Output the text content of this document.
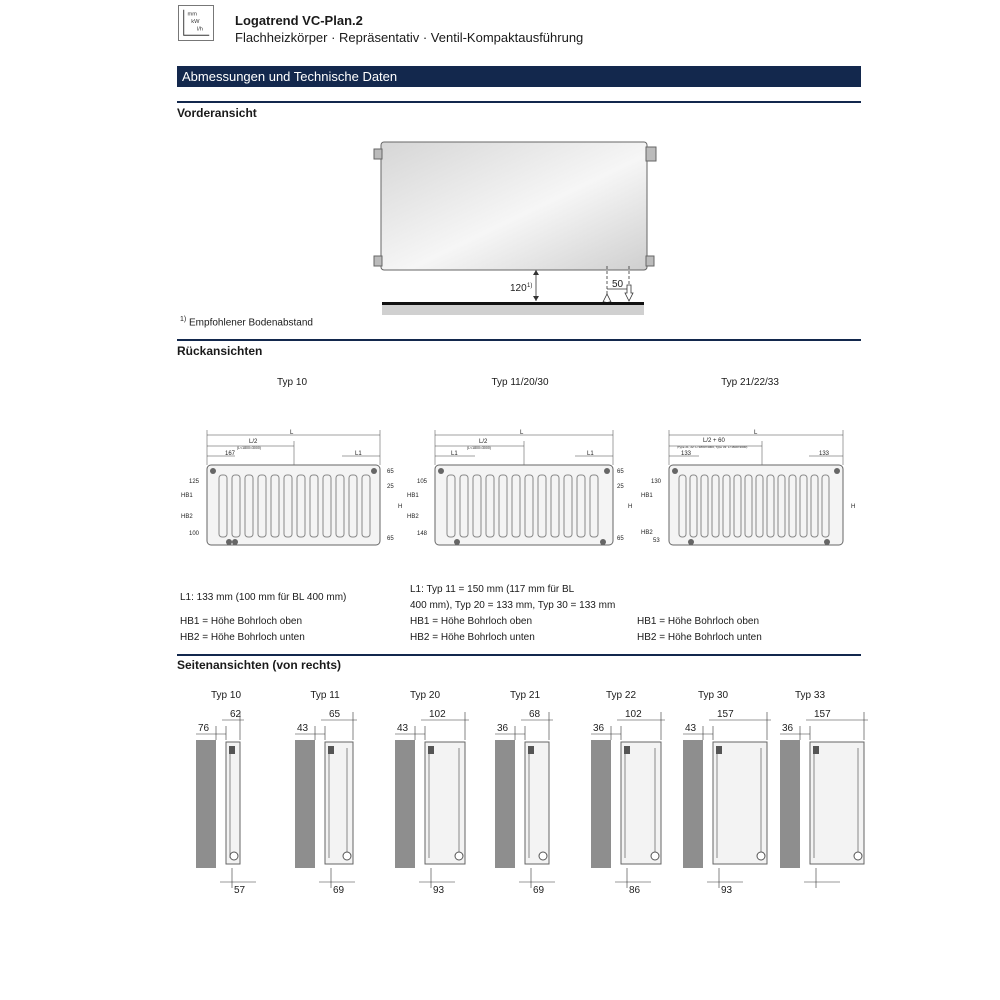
mm
kW
l/h
Logatrend VC-Plan.2
Flachheizkörper · Repräsentativ · Ventil-Kompaktausführung
Abmessungen und Technische Daten
Vorderansicht
120 1)	50
$^{1)}$ Empfohlener Bodenabstand
Rückansichten
Typ 10	Typ 11/20/30	Typ 21/22/33
L
L/2
(L<1800=3000)
167	L1
125
HB1
HB2
100
65
25
65
H
L
L/2
(L<1800=3000)
L1	L1
105
HB1
HB2
148
65
25
65
H
L
L/2 + 60
(Type 21, 22: L<1800=3000, Type 33: L<1600=3000)
133	133
130
HB1
HB2
53
H
L1: 133 mm (100 mm für BL 400 mm)
HB1 = Höhe Bohrloch oben
HB2 = Höhe Bohrloch unten
L1: Typ 11 = 150 mm (117 mm für BL
400 mm), Typ 20 = 133 mm, Typ 30 = 133 mm
HB1 = Höhe Bohrloch oben
HB2 = Höhe Bohrloch unten
HB1 = Höhe Bohrloch oben
HB2 = Höhe Bohrloch unten
Seitenansichten (von rechts)
Typ 10
76
62
57
Typ 11
43
65
69
Typ 20
43
102
93
Typ 21
36
68
69
Typ 22
36
102
86
Typ 30
43
157
93
Typ 33
36
157
